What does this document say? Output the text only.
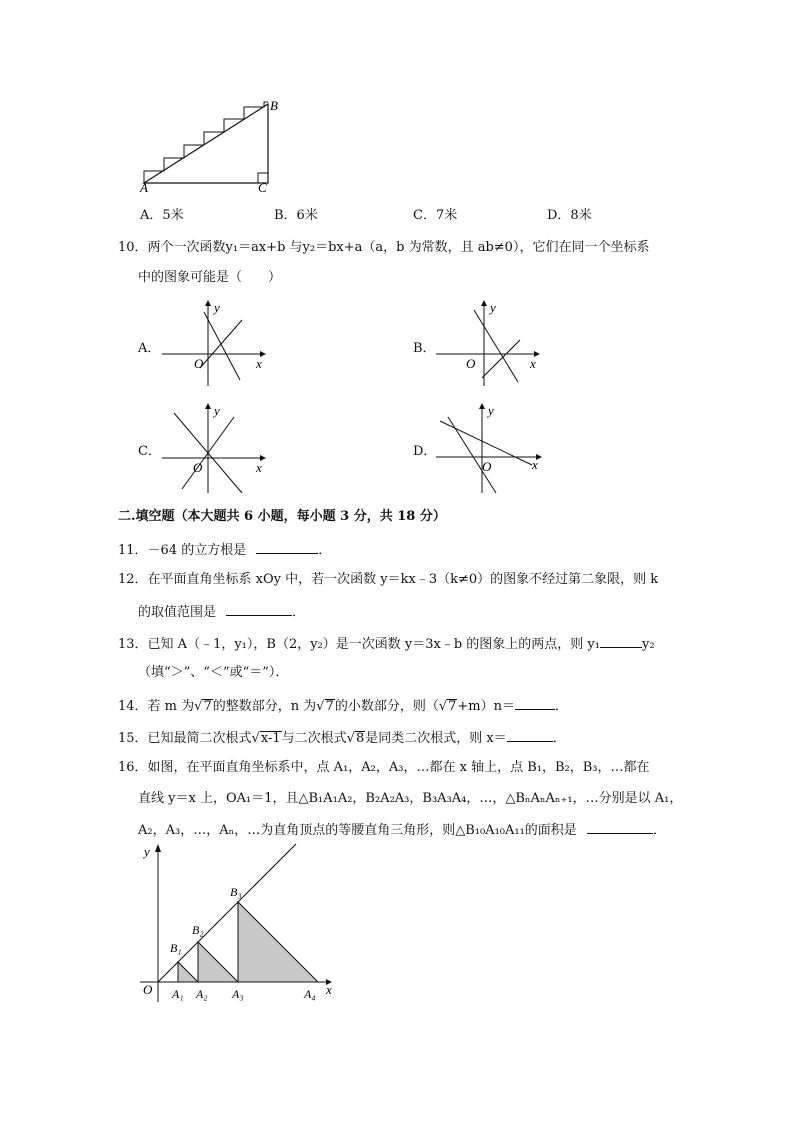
A
B
C
A．5米	B．6米	C．7米	D．8米
10．两个一次函数y₁＝ax+b 与y₂＝bx+a（a，b 为常数，且 ab≠0），它们在同一个坐标系
中的图象可能是（　　）
A．
y
x
O
B．
y
x
O
C．
y
x
O
D．
y
x
O
二.填空题（本大题共 6 小题，每小题 3 分，共 18 分）
11．－64 的立方根是	．
12．在平面直角坐标系 xOy 中，若一次函数 y＝kx﹣3（k≠0）的图象不经过第二象限，则 k
的取值范围是	．
13．已知 A（﹣1，y₁），B（2，y₂）是一次函数 y＝3x﹣b 的图象上的两点，则 y₁	y₂
（填“＞”、“＜”或“＝”）．
14．若 m 为√7的整数部分，n 为√7的小数部分，则（√7+m）n＝	．
15．已知最简二次根式√x-1与二次根式√8是同类二次根式，则 x＝	．
16．如图，在平面直角坐标系中，点 A₁，A₂，A₃，…都在 x 轴上，点 B₁，B₂，B₃，…都在
直线 y＝x 上，OA₁＝1，且△B₁A₁A₂，B₂A₂A₃，B₃A₃A₄，…，△BₙAₙAₙ₊₁，…分别是以 A₁，
A₂，A₃，…，Aₙ，…为直角顶点的等腰直角三角形，则△B₁₀A₁₀A₁₁的面积是	．
y
x
O
B₁
B₂
B₃
A₁ A₂ A₃	A₄
